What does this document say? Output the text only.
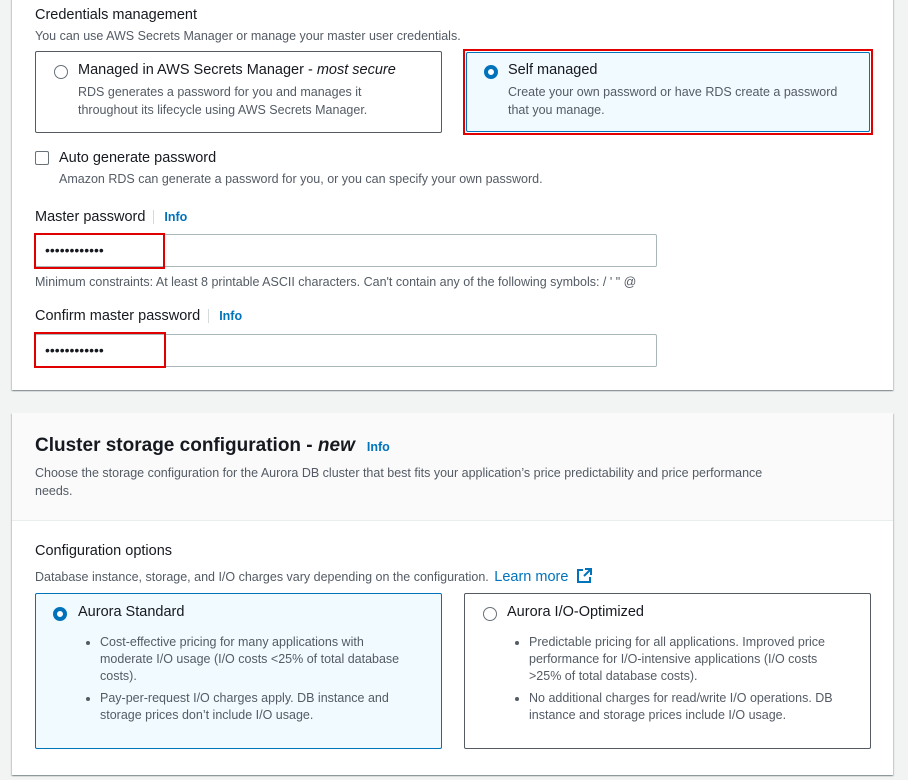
Credentials management
You can use AWS Secrets Manager or manage your master user credentials.
Managed in AWS Secrets Manager - most secure
RDS generates a password for you and manages it
throughout its lifecycle using AWS Secrets Manager.
Self managed
Create your own password or have RDS create a password
that you manage.
Auto generate password
Amazon RDS can generate a password for you, or you can specify your own password.
Master password Info
••••••••••••
Minimum constraints: At least 8 printable ASCII characters. Can't contain any of the following symbols: / ' " @
Confirm master password Info
••••••••••••
Cluster storage configuration - new Info
Choose the storage configuration for the Aurora DB cluster that best fits your application’s price predictability and price performance
needs.
Configuration options
Database instance, storage, and I/O charges vary depending on the configuration. Learn more
Aurora Standard
• Cost-effective pricing for many applications with moderate I/O usage (I/O costs <25% of total database costs).
• Pay-per-request I/O charges apply. DB instance and storage prices don’t include I/O usage.
Aurora I/O-Optimized
• Predictable pricing for all applications. Improved price performance for I/O-intensive applications (I/O costs >25% of total database costs).
• No additional charges for read/write I/O operations. DB instance and storage prices include I/O usage.
